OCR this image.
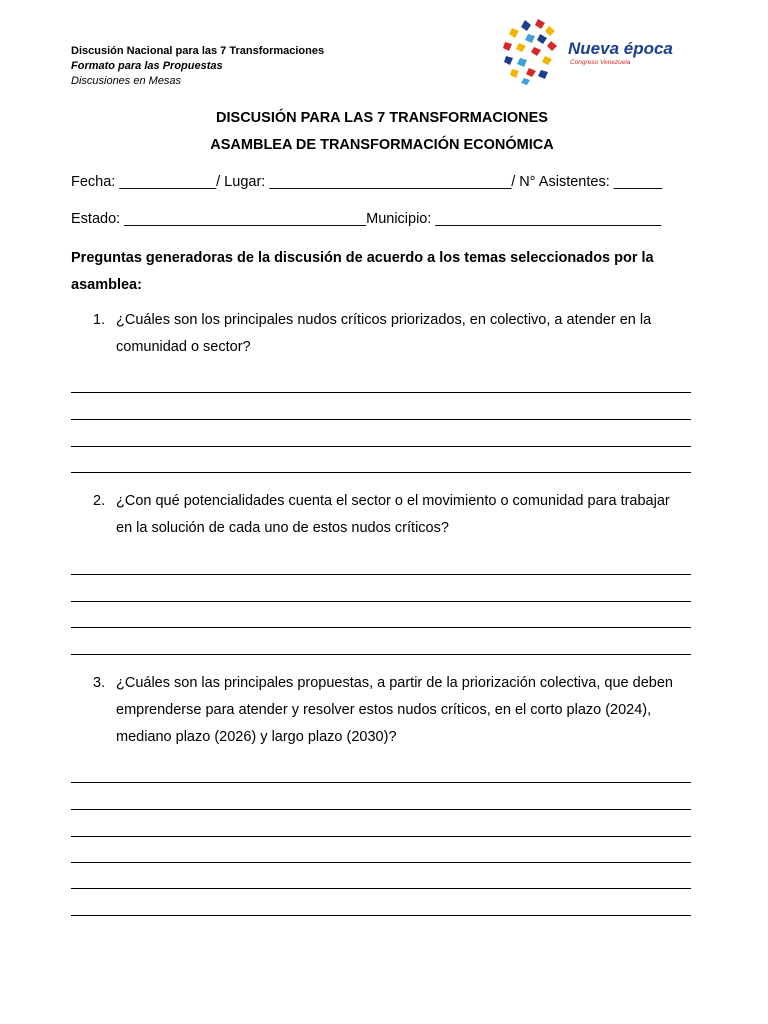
Discusión Nacional para las 7 Transformaciones
Formato para las Propuestas
Discusiones en Mesas
Nueva época
Congreso Venezuela
DISCUSIÓN PARA LAS 7 TRANSFORMACIONES
ASAMBLEA DE TRANSFORMACIÓN ECONÓMICA
Fecha: ____________/ Lugar: ______________________________/ N° Asistentes: ______
Estado: ______________________________Municipio: ____________________________
Preguntas generadoras de la discusión de acuerdo a los temas seleccionados por la asamblea:
1. ¿Cuáles son los principales nudos críticos priorizados, en colectivo, a atender en la comunidad o sector?
2. ¿Con qué potencialidades cuenta el sector o el movimiento o comunidad para trabajar en la solución de cada uno de estos nudos críticos?
3. ¿Cuáles son las principales propuestas, a partir de la priorización colectiva, que deben emprenderse para atender y resolver estos nudos críticos, en el corto plazo (2024), mediano plazo (2026) y largo plazo (2030)?
